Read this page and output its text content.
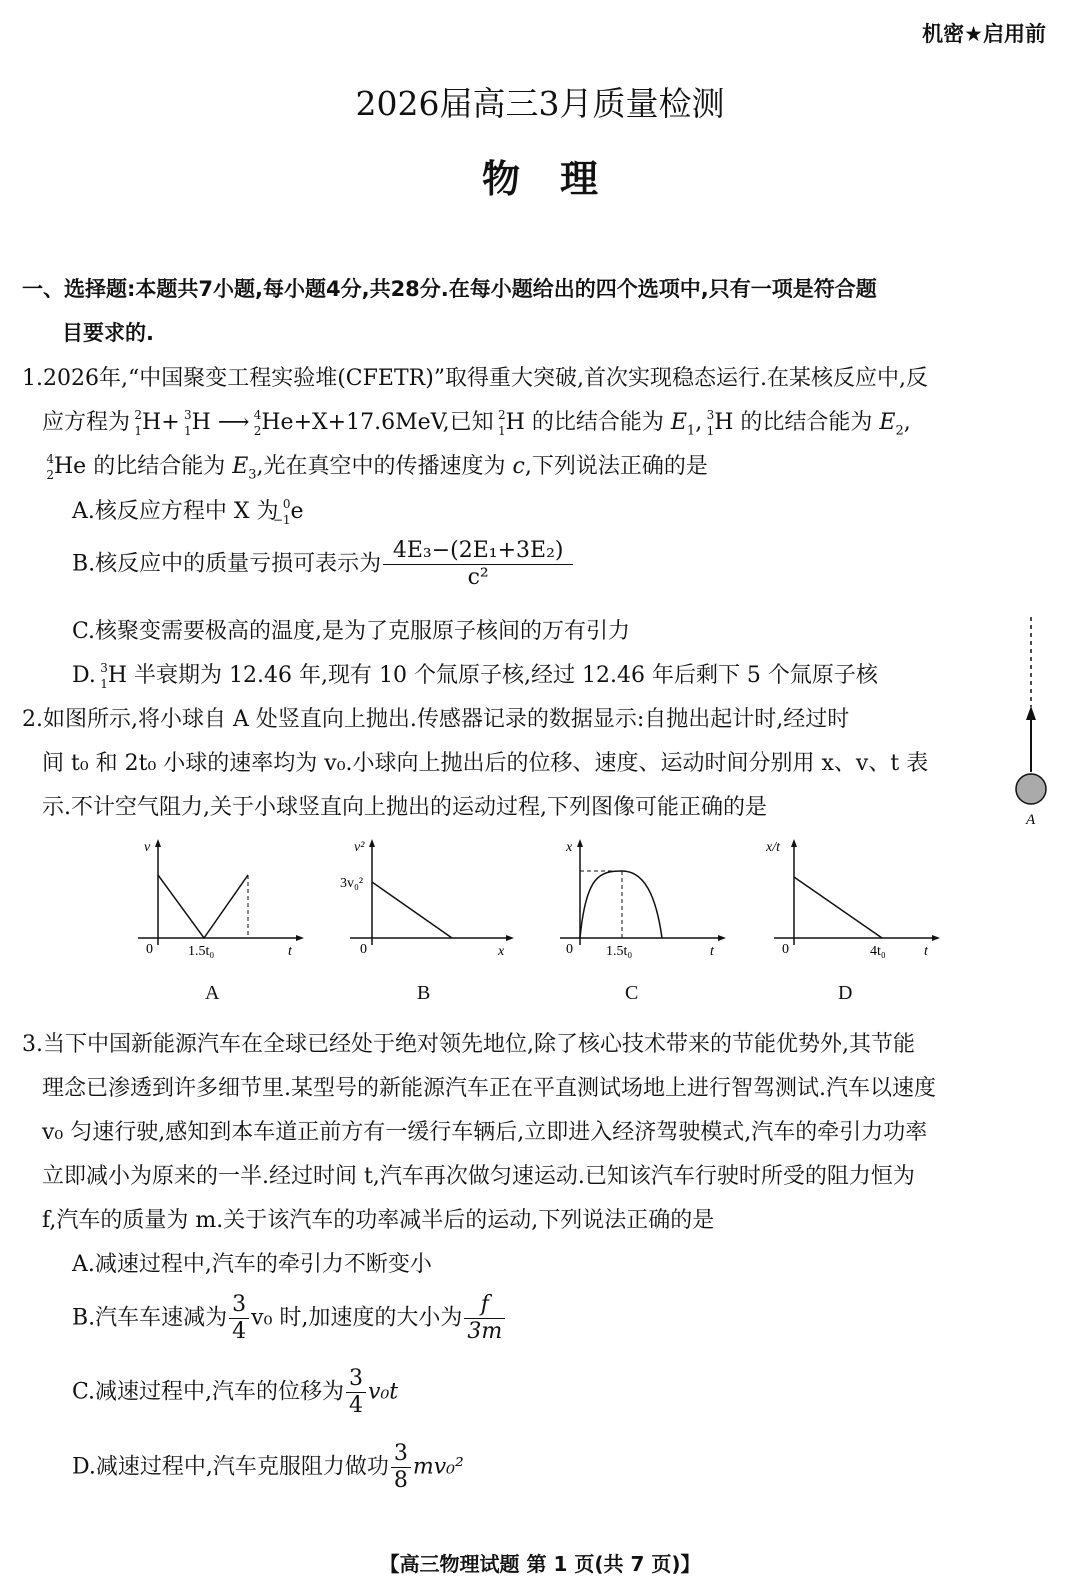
机密★启用前
2026届高三3月质量检测
物理
一、选择题:本题共7小题,每小题4分,共28分.在每小题给出的四个选项中,只有一项是符合题
目要求的.
1.2026年,“中国聚变工程实验堆(CFETR)”取得重大突破,首次实现稳态运行.在某核反应中,反
应方程为 2
1 H+ 3
1 H ⟶ 4
2 He+X+17.6MeV,已知 2
1 H 的比结合能为 $E_1$, 3
1 H 的比结合能为 $E_2$,
4
2 He 的比结合能为 $E_3$,光在真空中的传播速度为 c,下列说法正确的是
A.核反应方程中 X 为 0
−1 e
B.核反应中的质量亏损可表示为 $\frac{\text{4E₃−(2E₁+3E₂)}}{\text{c²}}$
C.核聚变需要极高的温度,是为了克服原子核间的万有引力
D. 3
1 H 半衰期为 12.46 年,现有 10 个氚原子核,经过 12.46 年后剩下 5 个氚原子核
A
2.如图所示,将小球自 A 处竖直向上抛出.传感器记录的数据显示:自抛出起计时,经过时
间 t₀ 和 2t₀ 小球的速率均为 v₀.小球向上抛出后的位移、速度、运动时间分别用 x、v、t 表
示.不计空气阻力,关于小球竖直向上抛出的运动过程,下列图像可能正确的是
v
t
0	1.5t₀
A
v²
x
0
3v₀²
B
x
t
0 1.5t₀
C
x/t
t
0	4t₀
D
3.当下中国新能源汽车在全球已经处于绝对领先地位,除了核心技术带来的节能优势外,其节能
理念已渗透到许多细节里.某型号的新能源汽车正在平直测试场地上进行智驾测试.汽车以速度
v₀ 匀速行驶,感知到本车道正前方有一缓行车辆后,立即进入经济驾驶模式,汽车的牵引力功率
立即减小为原来的一半.经过时间 t,汽车再次做匀速运动.已知该汽车行驶时所受的阻力恒为
f,汽车的质量为 m.关于该汽车的功率减半后的运动,下列说法正确的是
A.减速过程中,汽车的牵引力不断变小
B.汽车车速减为 $\frac{3}{4} v_0$ 时,加速度的大小为 $\frac{f}{3m}$
C.减速过程中,汽车的位移为 $\frac{3}{4} v_0t$
D.减速过程中,汽车克服阻力做功 $\frac{3}{8} mv_0^2$
【高三物理试题 第 1 页(共 7 页)】
